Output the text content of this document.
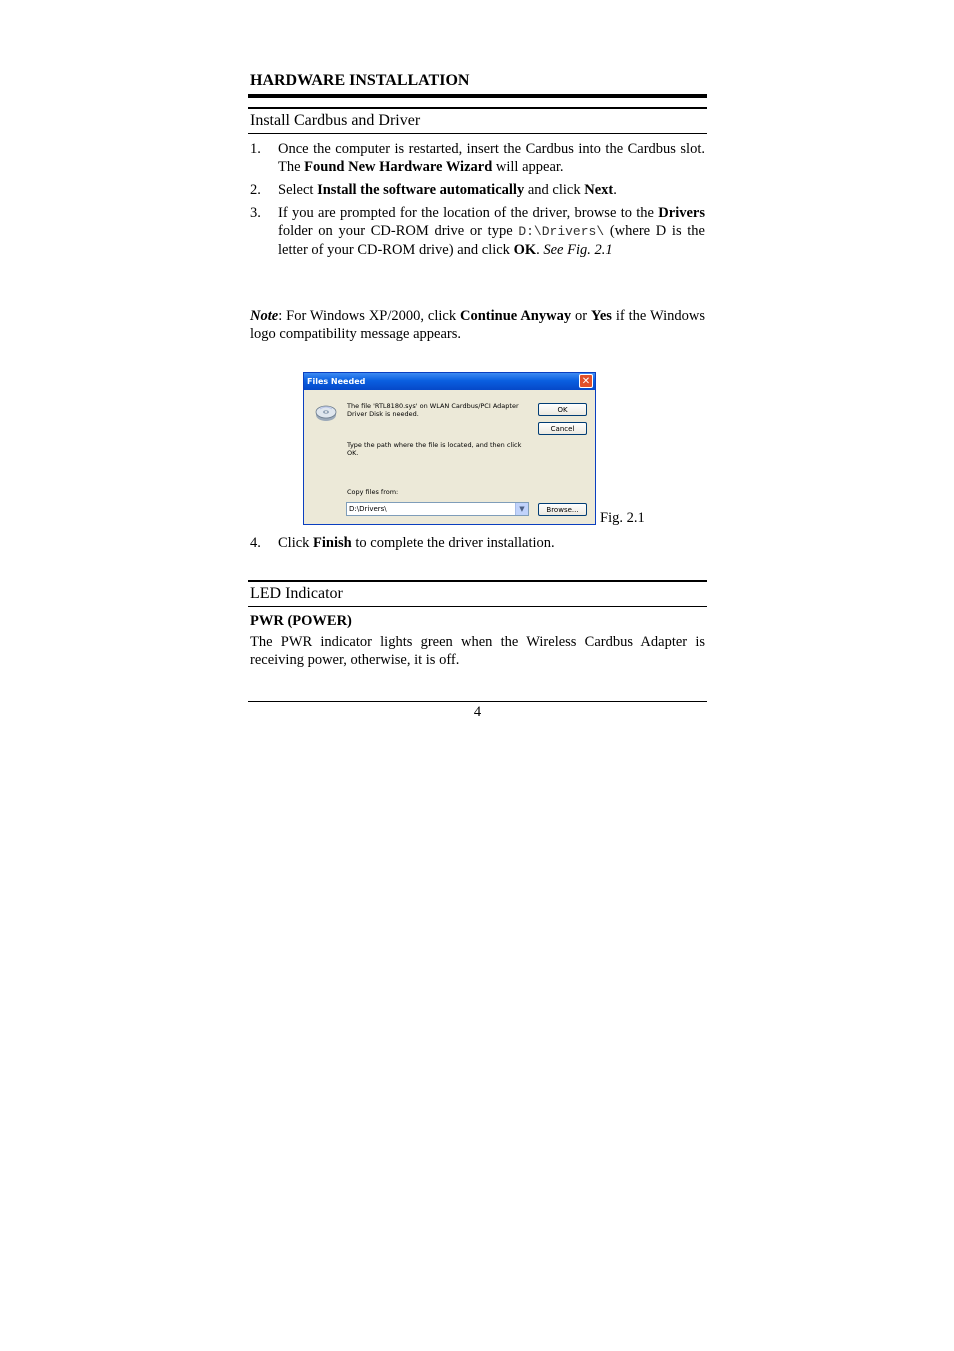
HARDWARE INSTALLATION
Install Cardbus and Driver
1. Once the computer is restarted, insert the Cardbus into the Cardbus slot. The Found New Hardware Wizard will appear.
2. Select Install the software automatically and click Next.
3. If you are prompted for the location of the driver, browse to the Drivers folder on your CD-ROM drive or type D:\Drivers\ (where D is the letter of your CD-ROM drive) and click OK. See Fig. 2.1
Note: For Windows XP/2000, click Continue Anyway or Yes if the Windows logo compatibility message appears.
Files Needed	✕
The file 'RTL8180.sys' on WLAN Cardbus/PCI Adapter Driver Disk is needed.
Type the path where the file is located, and then click OK.
Copy files from:
D:\Drivers\	▼
OK
Cancel
Browse...	Fig. 2.1
4. Click Finish to complete the driver installation.
LED Indicator
PWR (POWER)
The PWR indicator lights green when the Wireless Cardbus Adapter is receiving power, otherwise, it is off.
4
